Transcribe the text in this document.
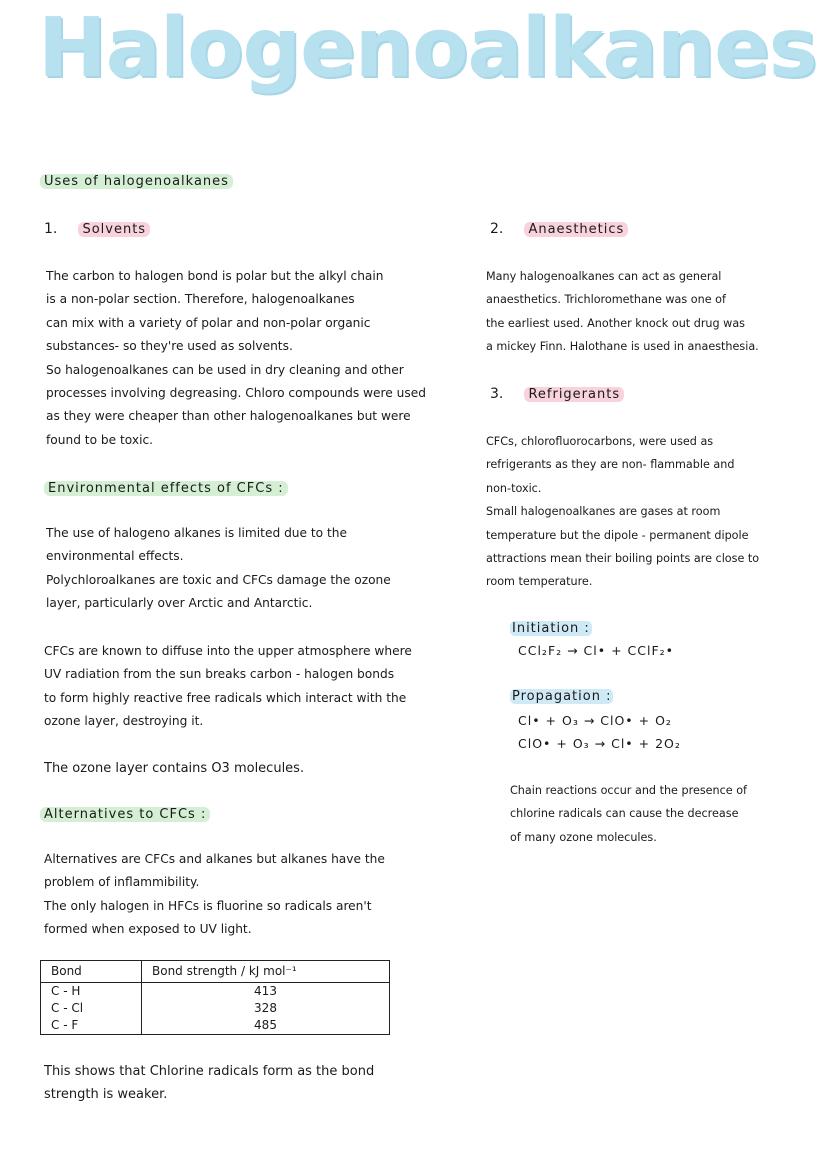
Halogenoalkanes
Uses of halogenoalkanes
1. Solvents

The carbon to halogen bond is polar but the alkyl chain

is a non-polar section. Therefore, halogenoalkanes

can mix with a variety of polar and non-polar organic

substances- so they're used as solvents.

So halogenoalkanes can be used in dry cleaning and other

processes involving degreasing. Chloro compounds were used

as they were cheaper than other halogenoalkanes but were

found to be toxic.

Environmental effects of CFCs :

The use of halogeno alkanes is limited due to the

environmental effects.

Polychloroalkanes are toxic and CFCs damage the ozone

layer, particularly over Arctic and Antarctic.

CFCs are known to diffuse into the upper atmosphere where

UV radiation from the sun breaks carbon - halogen bonds

to form highly reactive free radicals which interact with the

ozone layer, destroying it.

The ozone layer contains O3 molecules.

Alternatives to CFCs :

Alternatives are CFCs and alkanes but alkanes have the

problem of inflammibility.

The only halogen in HFCs is fluorine so radicals aren't

formed when exposed to UV light.

Bond	Bond strength / kJ mol⁻¹
C - H	413
C - Cl	328
C - F	485

This shows that Chlorine radicals form as the bond

strength is weaker.

2. Anaesthetics

Many halogenoalkanes can act as general

anaesthetics. Trichloromethane was one of

the earliest used. Another knock out drug was

a mickey Finn. Halothane is used in anaesthesia.

3. Refrigerants

CFCs, chlorofluorocarbons, were used as

refrigerants as they are non- flammable and

non-toxic.

Small halogenoalkanes are gases at room

temperature but the dipole - permanent dipole

attractions mean their boiling points are close to

room temperature.

Initiation :
CCl₂F₂ → Cl• + CClF₂•
Propagation :
Cl• + O₃ → ClO• + O₂
ClO• + O₃ → Cl• + 2O₂

Chain reactions occur and the presence of

chlorine radicals can cause the decrease

of many ozone molecules.
